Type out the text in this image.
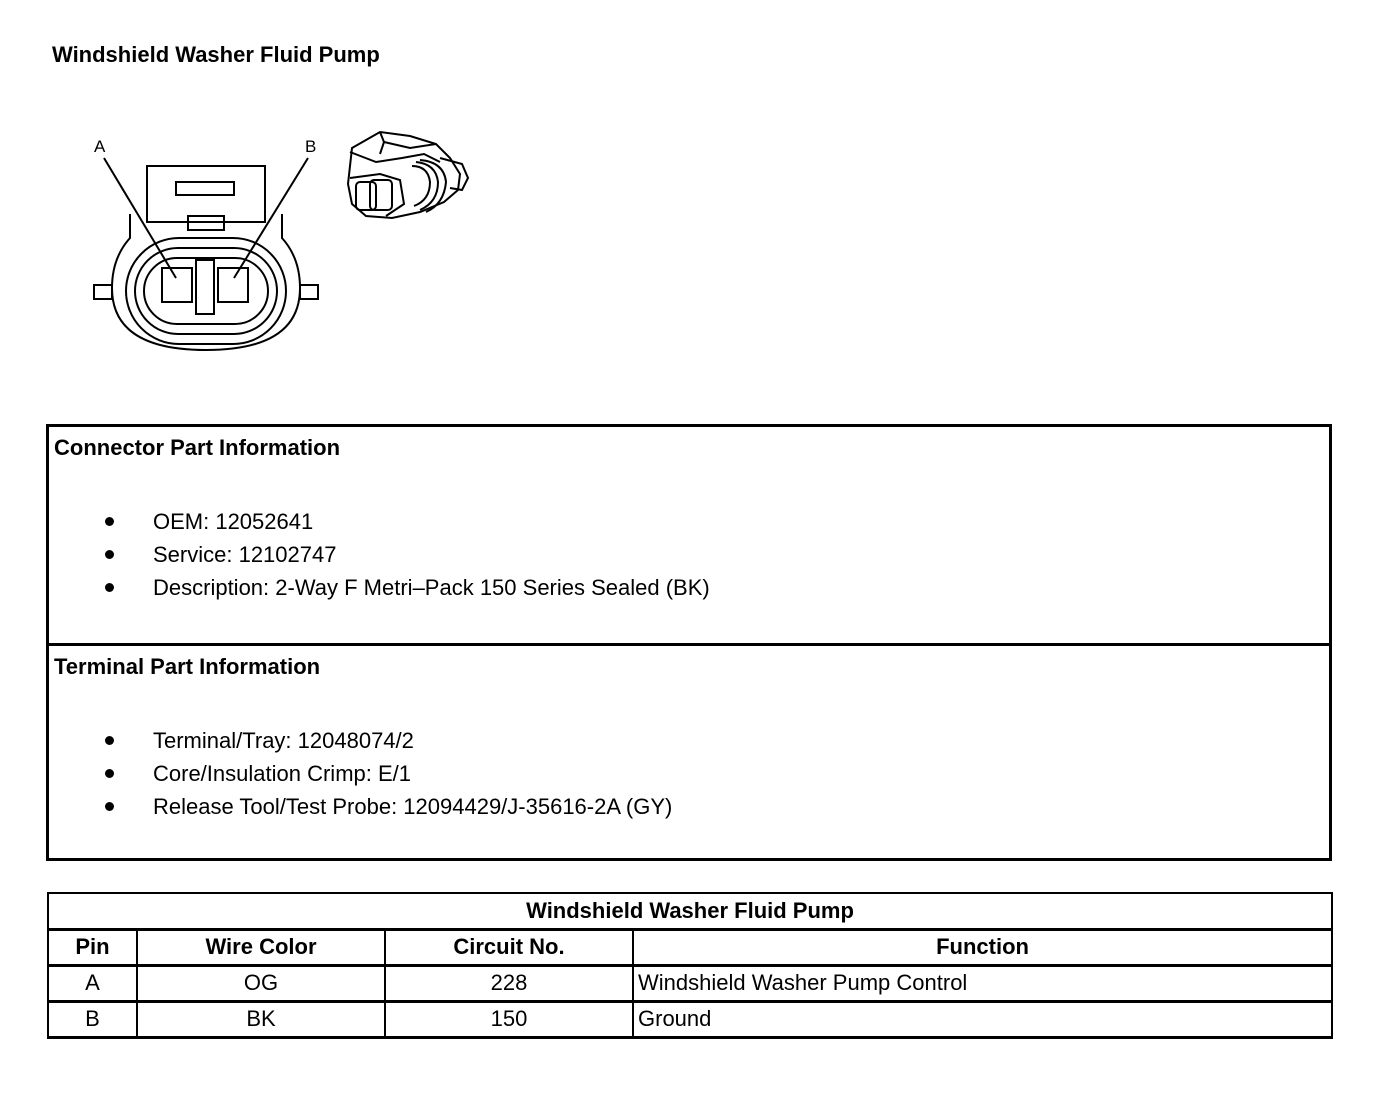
Windshield Washer Fluid Pump
A	B
Connector Part Information
OEM: 12052641
Service: 12102747
Description: 2-Way F Metri–Pack 150 Series Sealed (BK)
Terminal Part Information
Terminal/Tray: 12048074/2
Core/Insulation Crimp: E/1
Release Tool/Test Probe: 12094429/J-35616-2A (GY)
Windshield Washer Fluid Pump			
Pin	Wire Color	Circuit No.	Function
A	OG	228	Windshield Washer Pump Control
B	BK	150	Ground
